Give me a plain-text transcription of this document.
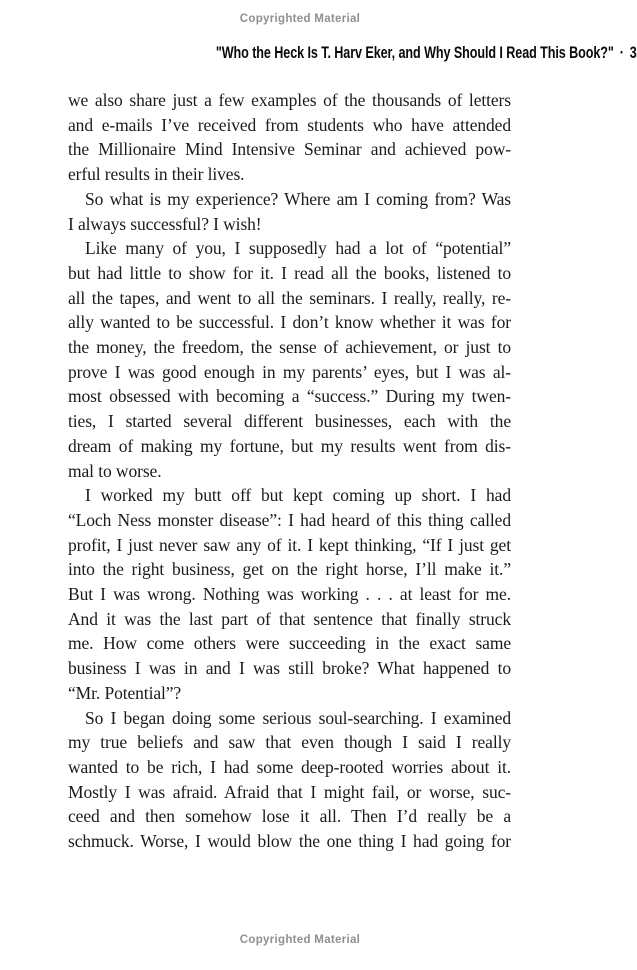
Copyrighted Material
"Who the Heck Is T. Harv Eker, and Why Should I Read This Book?" · 3
we also share just a few examples of the thousands of letters
and e-mails I’ve received from students who have attended
the Millionaire Mind Intensive Seminar and achieved pow-
erful results in their lives.
So what is my experience? Where am I coming from? Was
I always successful? I wish!
Like many of you, I supposedly had a lot of “potential”
but had little to show for it. I read all the books, listened to
all the tapes, and went to all the seminars. I really, really, re-
ally wanted to be successful. I don’t know whether it was for
the money, the freedom, the sense of achievement, or just to
prove I was good enough in my parents’ eyes, but I was al-
most obsessed with becoming a “success.” During my twen-
ties, I started several different businesses, each with the
dream of making my fortune, but my results went from dis-
mal to worse.
I worked my butt off but kept coming up short. I had
“Loch Ness monster disease”: I had heard of this thing called
profit, I just never saw any of it. I kept thinking, “If I just get
into the right business, get on the right horse, I’ll make it.”
But I was wrong. Nothing was working . . . at least for me.
And it was the last part of that sentence that finally struck
me. How come others were succeeding in the exact same
business I was in and I was still broke? What happened to
“Mr. Potential”?
So I began doing some serious soul-searching. I examined
my true beliefs and saw that even though I said I really
wanted to be rich, I had some deep-rooted worries about it.
Mostly I was afraid. Afraid that I might fail, or worse, suc-
ceed and then somehow lose it all. Then I’d really be a
schmuck. Worse, I would blow the one thing I had going for
Copyrighted Material
